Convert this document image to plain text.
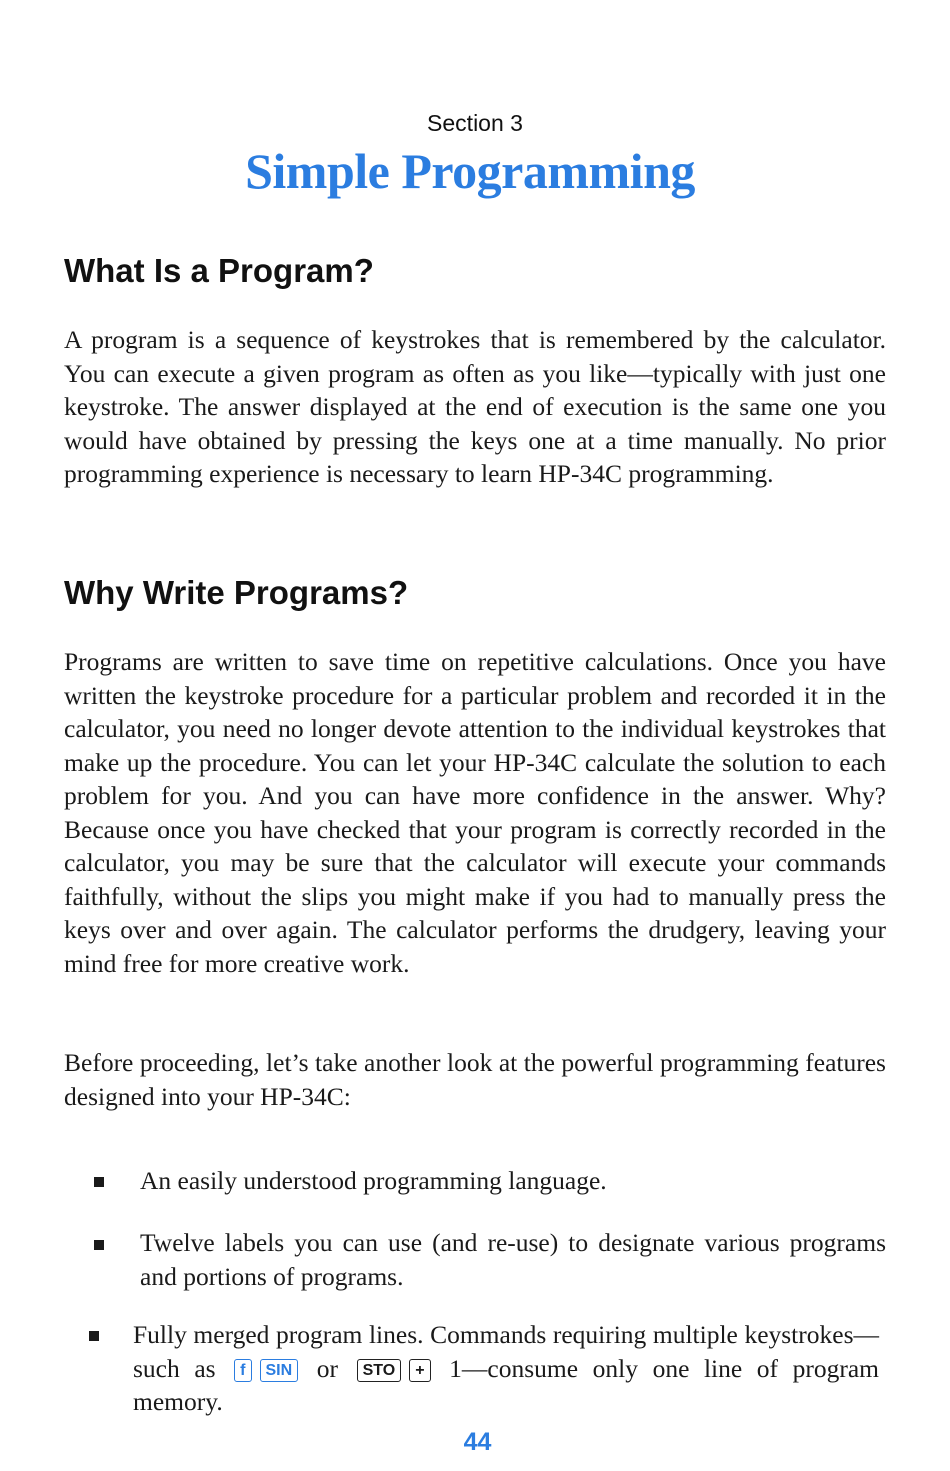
Section 3
Simple Programming
What Is a Program?
A program is a sequence of keystrokes that is remembered by the calculator. You can execute a given program as often as you like—typically with just one keystroke. The answer displayed at the end of execution is the same one you would have obtained by pressing the keys one at a time manually. No prior programming experience is necessary to learn HP-34C programming.
Why Write Programs?
Programs are written to save time on repetitive calculations. Once you have written the keystroke procedure for a particular problem and recorded it in the calculator, you need no longer devote attention to the individual keystrokes that make up the procedure. You can let your HP-34C calculate the solution to each problem for you. And you can have more confidence in the answer. Why? Because once you have checked that your program is correctly recorded in the calculator, you may be sure that the calculator will execute your commands faithfully, without the slips you might make if you had to manually press the keys over and over again. The calculator performs the drudgery, leaving your mind free for more creative work.
Before proceeding, let’s take another look at the powerful programming features designed into your HP-34C:
An easily understood programming language.
Twelve labels you can use (and re-use) to designate various programs and portions of programs.
Fully merged program lines. Commands requiring multiple keystrokes—such as f SIN or STO + 1—consume only one line of program memory.
44
